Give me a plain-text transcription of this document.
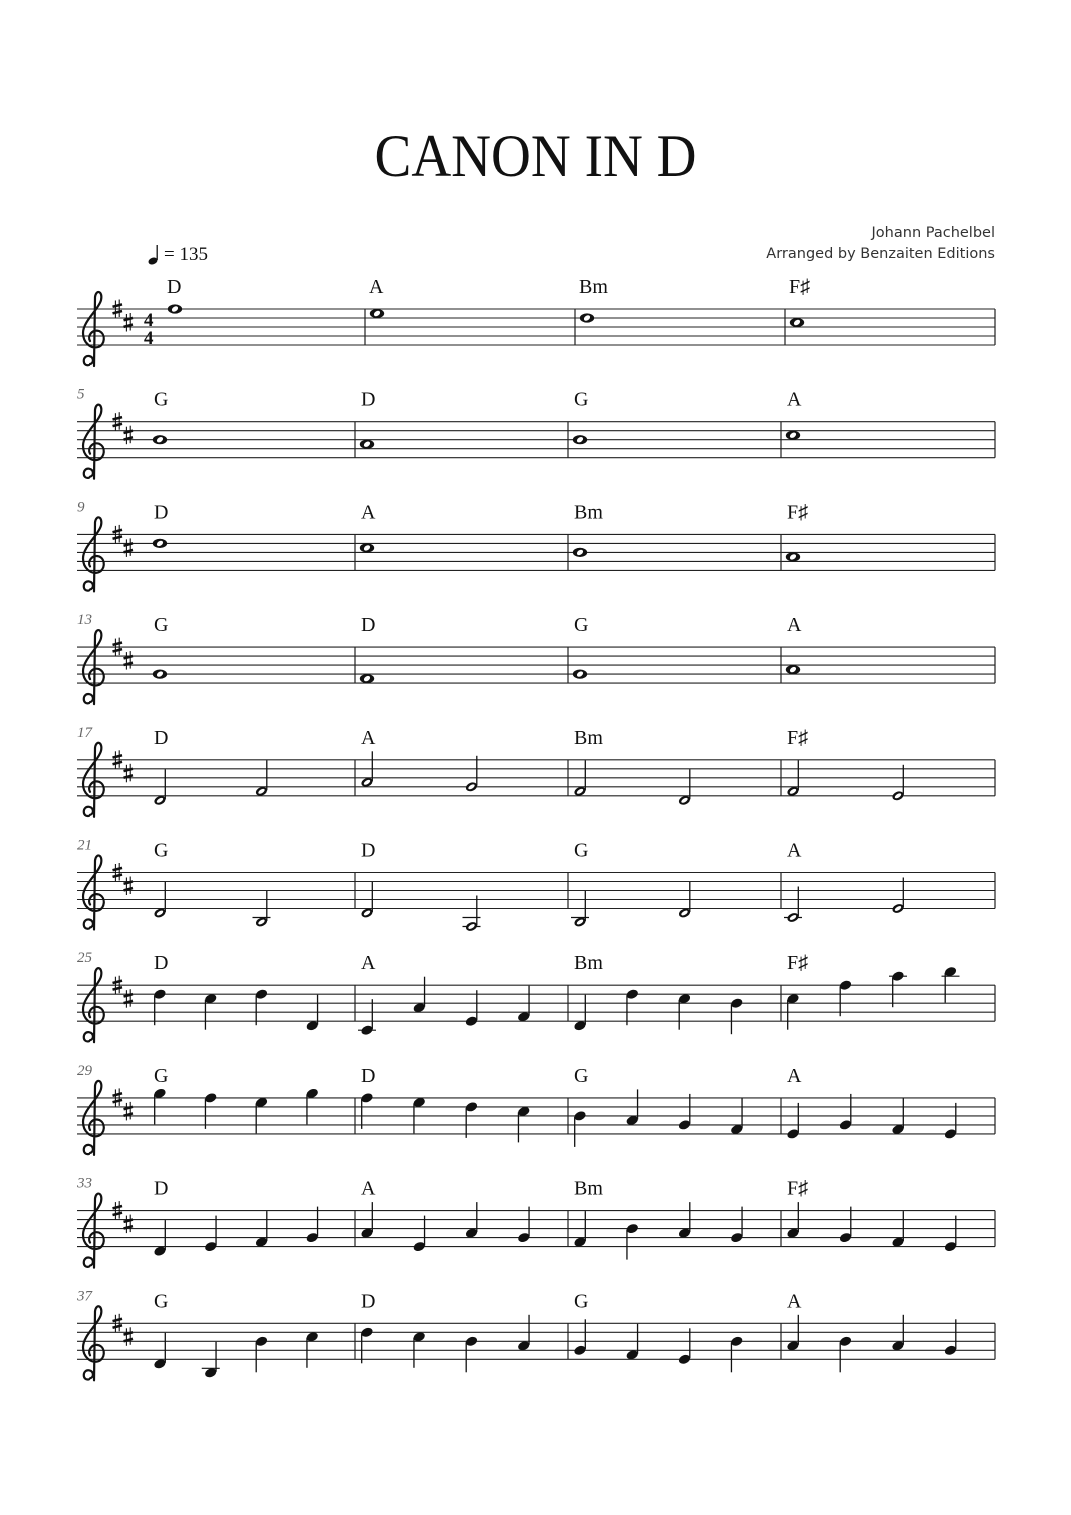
CANON IN D
Johann Pachelbel
Arranged by Benzaiten Editions
= 135
4
4
D	A	Bm	F♯
5	G	D	G	A
9	D	A	Bm	F♯
13	G	D	G	A
17	D	A	Bm	F♯
21	G	D	G	A
25	D	A	Bm	F♯
29	G	D	G	A
33	D	A	Bm	F♯
37	G	D	G	A
